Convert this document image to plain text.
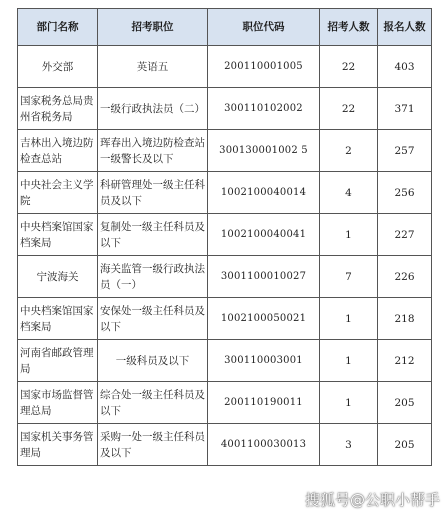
部门名称	招考职位	职位代码	招考人数	报名人数
外交部	英语五	200110001005	22	403
国家税务总局贵州省税务局	一级行政执法员（二）	300110102002	22	371
吉林出入境边防检查总站	珲春出入境边防检查站一级警长及以下	300130001002 5	2	257
中央社会主义学院	科研管理处一级主任科员及以下	1002100040014	4	256
中央档案馆国家档案局	复制处一级主任科员及以下	1002100040041	1	227
宁波海关	海关监管一级行政执法员（一）	3001100010027	7	226
中央档案馆国家档案局	安保处一级主任科员及以下	1002100050021	1	218
河南省邮政管理局	一级科员及以下	300110003001	1	212
国家市场监督管理总局	综合处一级主任科员及以下	200110190011	1	205
国家机关事务管理局	采购一处一级主任科员及以下	4001100030013	3	205
搜狐号@公职小帮手
